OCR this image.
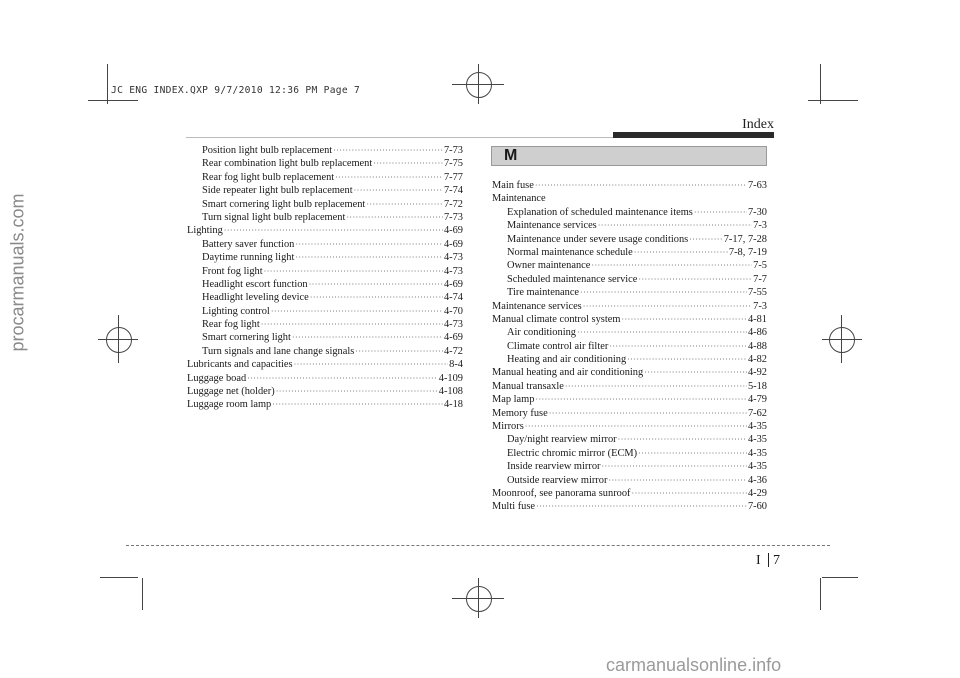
JC ENG INDEX.QXP 9/7/2010 12:36 PM Page 7
procarmanuals.com
carmanualsonline.info
Index
M
Position light bulb replacement ·····	7-73
Rear combination light bulb replacement ·····	7-75
Rear fog light bulb replacement ·····	7-77
Side repeater light bulb replacement ·····	7-74
Smart cornering light bulb replacement ·····	7-72
Turn signal light bulb replacement ·····	7-73
Lighting ·····	4-69
Battery saver function ·····	4-69
Daytime running light ·····	4-73
Front fog light ·····	4-73
Headlight escort function ·····	4-69
Headlight leveling device ·····	4-74
Lighting control ·····	4-70
Rear fog light ·····	4-73
Smart cornering light ·····	4-69
Turn signals and lane change signals ·····	4-72
Lubricants and capacities ·····	8-4
Luggage boad ·····	4-109
Luggage net (holder) ·····	4-108
Luggage room lamp ·····	4-18
Main fuse ·····	7-63
Maintenance
Explanation of scheduled maintenance items ·····	7-30
Maintenance services ·····	7-3
Maintenance under severe usage conditions ·····	7-17, 7-28
Normal maintenance schedule ·····	7-8, 7-19
Owner maintenance ·····	7-5
Scheduled maintenance service ·····	7-7
Tire maintenance ·····	7-55
Maintenance services ·····	7-3
Manual climate control system ·····	4-81
Air conditioning ·····	4-86
Climate control air filter ·····	4-88
Heating and air conditioning ·····	4-82
Manual heating and air conditioning ·····	4-92
Manual transaxle ·····	5-18
Map lamp ·····	4-79
Memory fuse ·····	7-62
Mirrors ·····	4-35
Day/night rearview mirror ·····	4-35
Electric chromic mirror (ECM) ·····	4-35
Inside rearview mirror ·····	4-35
Outside rearview mirror ·····	4-36
Moonroof, see panorama sunroof ·····	4-29
Multi fuse ·····	7-60
I 7
